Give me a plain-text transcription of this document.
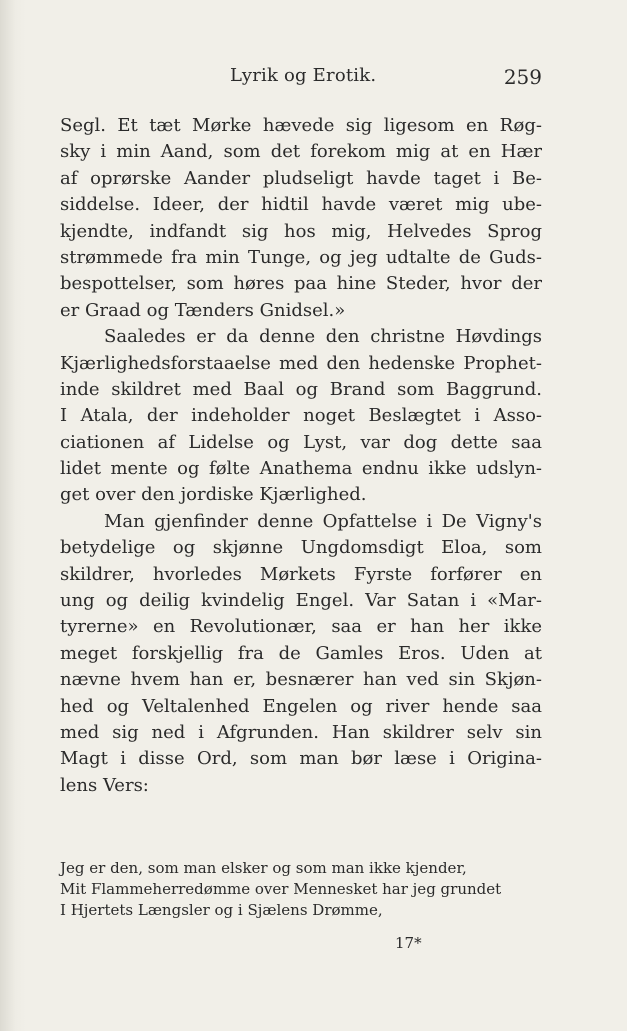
Lyrik og Erotik.	259
Segl. Et tæt Mørke hævede sig ligesom en Røg-
sky i min Aand, som det forekom mig at en Hær
af oprørske Aander pludseligt havde taget i Be-
siddelse. Ideer, der hidtil havde været mig ube-
kjendte, indfandt sig hos mig, Helvedes Sprog
strømmede fra min Tunge, og jeg udtalte de Guds-
bespottelser, som høres paa hine Steder, hvor der
er Graad og Tænders Gnidsel.»
Saaledes er da denne den christne Høvdings
Kjærlighedsforstaaelse med den hedenske Prophet-
inde skildret med Baal og Brand som Baggrund.
I Atala, der indeholder noget Beslægtet i Asso-
ciationen af Lidelse og Lyst, var dog dette saa
lidet mente og følte Anathema endnu ikke udslyn-
get over den jordiske Kjærlighed.
Man gjenfinder denne Opfattelse i De Vigny's
betydelige og skjønne Ungdomsdigt Eloa, som
skildrer, hvorledes Mørkets Fyrste forfører en
ung og deilig kvindelig Engel. Var Satan i «Mar-
tyrerne» en Revolutionær, saa er han her ikke
meget forskjellig fra de Gamles Eros. Uden at
nævne hvem han er, besnærer han ved sin Skjøn-
hed og Veltalenhed Engelen og river hende saa
med sig ned i Afgrunden. Han skildrer selv sin
Magt i disse Ord, som man bør læse i Origina-
lens Vers:
Jeg er den, som man elsker og som man ikke kjender,
Mit Flammeherredømme over Mennesket har jeg grundet
I Hjertets Længsler og i Sjælens Drømme,
17*
